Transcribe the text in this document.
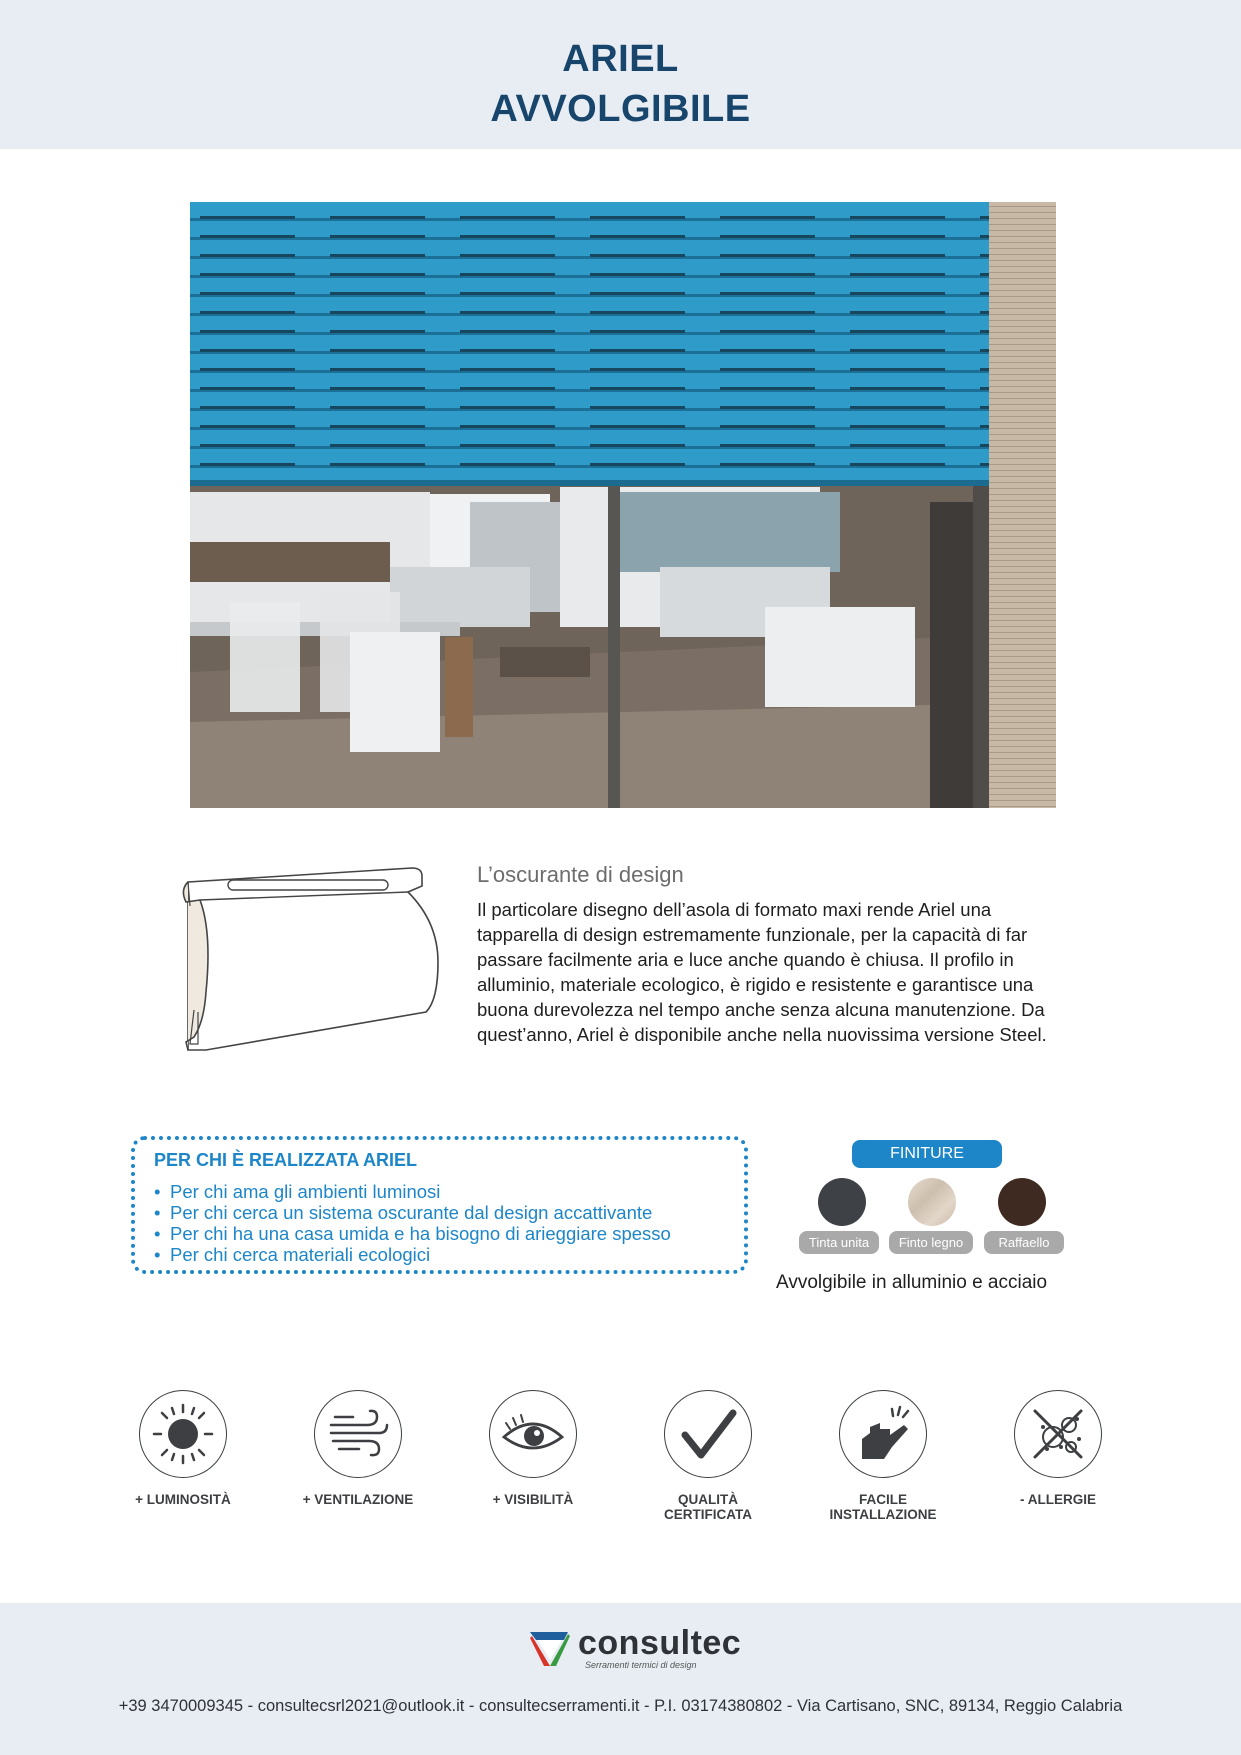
ARIEL
AVVOLGIBILE
L’oscurante di design

Il particolare disegno dell’asola di formato maxi rende Ariel una tapparella di design estremamente funzionale, per la capacità di far passare facilmente aria e luce anche quando è chiusa. Il profilo in alluminio, materiale ecologico, è rigido e resistente e garantisce una buona durevolezza nel tempo anche senza alcuna manutenzione. Da quest’anno, Ariel è disponibile anche nella nuovissima versione Steel.

PER CHI È REALIZZATA ARIEL
• Per chi ama gli ambienti luminosi
• Per chi cerca un sistema oscurante dal design accattivante
• Per chi ha una casa umida e ha bisogno di arieggiare spesso
• Per chi cerca materiali ecologici
FINITURE
Tinta unita	Finto legno	Raffaello
Avvolgibile in alluminio e acciaio
+ LUMINOSITÀ	+ VENTILAZIONE	+ VISIBILITÀ	QUALITÀ
CERTIFICATA
FACILE
INSTALLAZIONE
- ALLERGIE
consultec
Serramenti termici di design
+39 3470009345 - consultecsrl2021@outlook.it - consultecserramenti.it - P.I. 03174380802 - Via Cartisano, SNC, 89134, Reggio Calabria
